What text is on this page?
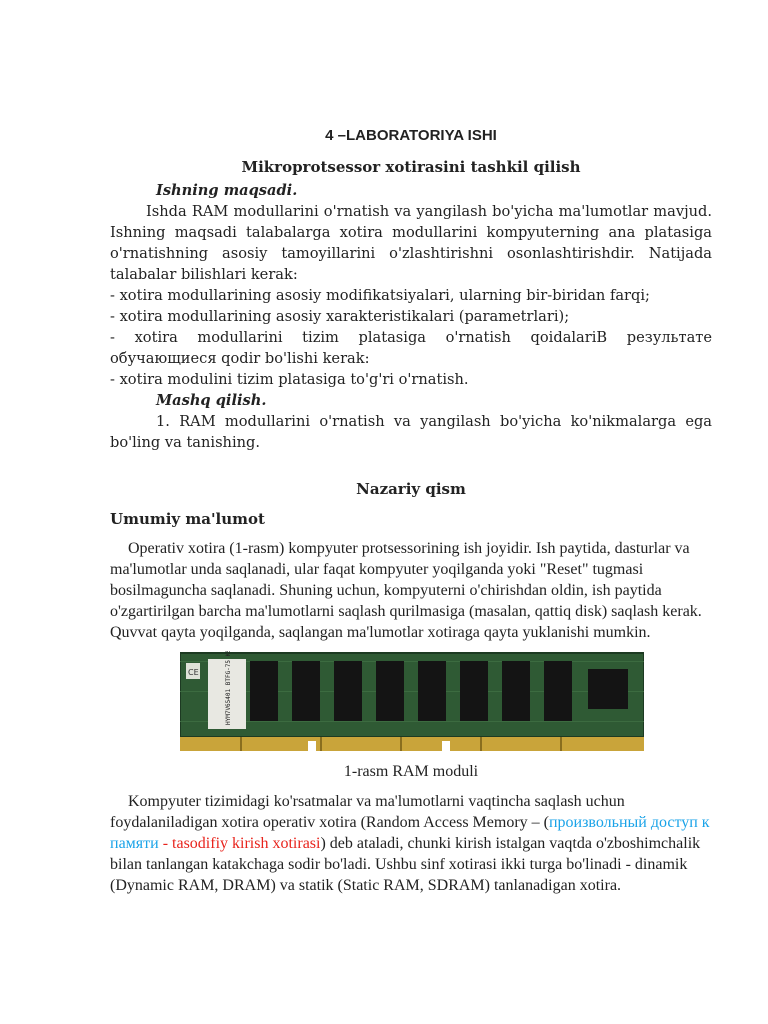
4 –LABORATORIYA ISHI

Mikroprotsessor xotirasini tashkil qilish

Ishning maqsadi.

Ishda RAM modullarini o'rnatish va yangilash bo'yicha ma'lumotlar mavjud. Ishning maqsadi talabalarga xotira modullarini kompyuterning ana platasiga o'rnatishning asosiy tamoyillarini o'zlashtirishni osonlashtirishdir. Natijada talabalar bilishlari kerak:

- xotira modullarining asosiy modifikatsiyalari, ularning bir-biridan farqi;

- xotira modullarining asosiy xarakteristikalari (parametrlari);

- xotira modullarini tizim platasiga o'rnatish qoidalariВ результате обучающиеся qodir bo'lishi kerak:

- xotira modulini tizim platasiga to'g'ri o'rnatish.

Mashq qilish.

1. RAM modullarini o'rnatish va yangilash bo'yicha ko'nikmalarga ega bo'ling va tanishing.

Nazariy qism

Umumiy ma'lumot

Operativ xotira (1-rasm) kompyuter protsessorining ish joyidir. Ish paytida, dasturlar va ma'lumotlar unda saqlanadi, ular faqat kompyuter yoqilganda yoki "Reset" tugmasi bosilmaguncha saqlanadi. Shuning uchun, kompyuterni o'chirishdan oldin, ish paytida o'zgartirilgan barcha ma'lumotlarni saqlash qurilmasiga (masalan, qattiq disk) saqlash kerak. Quvvat qayta yoqilganda, saqlangan ma'lumotlar xotiraga qayta yuklanishi mumkin.

CE	HYM7V65401 BTFG-75 KS

1-rasm RAM moduli

Kompyuter tizimidagi ko'rsatmalar va ma'lumotlarni vaqtincha saqlash uchun foydalaniladigan xotira operativ xotira (Random Access Memory – (произвольный доступ к памяти - tasodifiy kirish xotirasi) deb ataladi, chunki kirish istalgan vaqtda o'zboshimchalik bilan tanlangan katakchaga sodir bo'ladi. Ushbu sinf xotirasi ikki turga bo'linadi - dinamik (Dynamic RAM, DRAM) va statik (Static RAM, SDRAM) tanlanadigan xotira.
